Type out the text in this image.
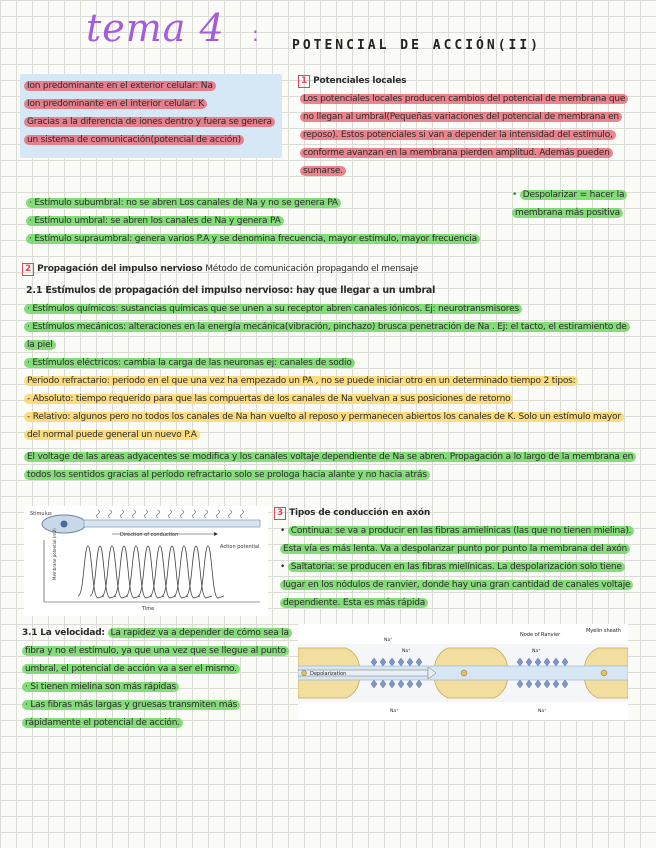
tema 4 :	POTENCIAL DE ACCIÓN(II)
Ion predominante en el exterior celular: Na
Ion predominante en el interior celular: K
Gracias a la diferencia de iones dentro y fuera se genera un sistema de comunicación(potencial de acción)
1 Potenciales locales
Los potenciales locales producen cambios del potencial de membrana que no llegan al umbral(Pequeñas variaciones del potencial de membrana en reposo). Estos potenciales si van a depender la intensidad del estímulo, conforme avanzan en la membrana pierden amplitud. Además pueden sumarse.
· Estímulo subumbral: no se abren Los canales de Na y no se genera PA
· Estímulo umbral: se abren los canales de Na y genera PA
· Estímulo supraumbral: genera varios P.A y se denomina frecuencia, mayor estímulo, mayor frecuencia
• Despolarizar = hacer la membrana más positiva
2 Propagación del impulso nervioso Método de comunicación propagando el mensaje
2.1 Estímulos de propagación del impulso nervioso: hay que llegar a un umbral
· Estímulos químicos: sustancias químicas que se unen a su receptor abren canales iónicos. Ej: neurotransmisores
· Estímulos mecánicos: alteraciones en la energía mecánica(vibración, pinchazo) brusca penetración de Na . Ej: el tacto, el estiramiento de la piel
· Estímulos eléctricos: cambia la carga de las neuronas ej: canales de sodio
Periodo refractario: periodo en el que una vez ha empezado un PA , no se puede iniciar otro en un determinado tiempo 2 tipos:
- Absoluto: tiempo requerido para que las compuertas de los canales de Na vuelvan a sus posiciones de retorno
- Relativo: algunos pero no todos los canales de Na han vuelto al reposo y permanecen abiertos los canales de K. Solo un estímulo mayor del normal puede general un nuevo P.A
El voltage de las areas adyacentes se modifica y los canales voltaje dependiente de Na se abren. Propagación a lo largo de la membrana en todos los sentidos gracias al período refractario solo se prologa hacia alante y no hacia atrás
Stimulus
Direction of conduction
Membrane potential (mV)
Time
Action potential
3 Tipos de conducción en axón
• Continua: se va a producir en las fibras amielínicas (las que no tienen mielina). Esta vía es más lenta. Va a despolarizar punto por punto la membrana del axón
• Saltatoria: se producen en las fibras mielínicas. La despolarización solo tiene lugar en los nódulos de ranvier, donde hay una gran cantidad de canales voltaje dependiente. Esta es más rápida
3.1 La velocidad: La rapidez va a depender de cómo sea la fibra y no el estímulo, ya que una vez que se llegue al punto umbral, el potencial de acción va a ser el mismo.
· Si tienen mielina son más rápidas
· Las fibras más largas y gruesas transmiten más rápidamente el potencial de acción.
Depolarization
Node of Ranvier
Myelin sheath
Na⁺
Na⁺
Na⁺
Na⁺
Na⁺
